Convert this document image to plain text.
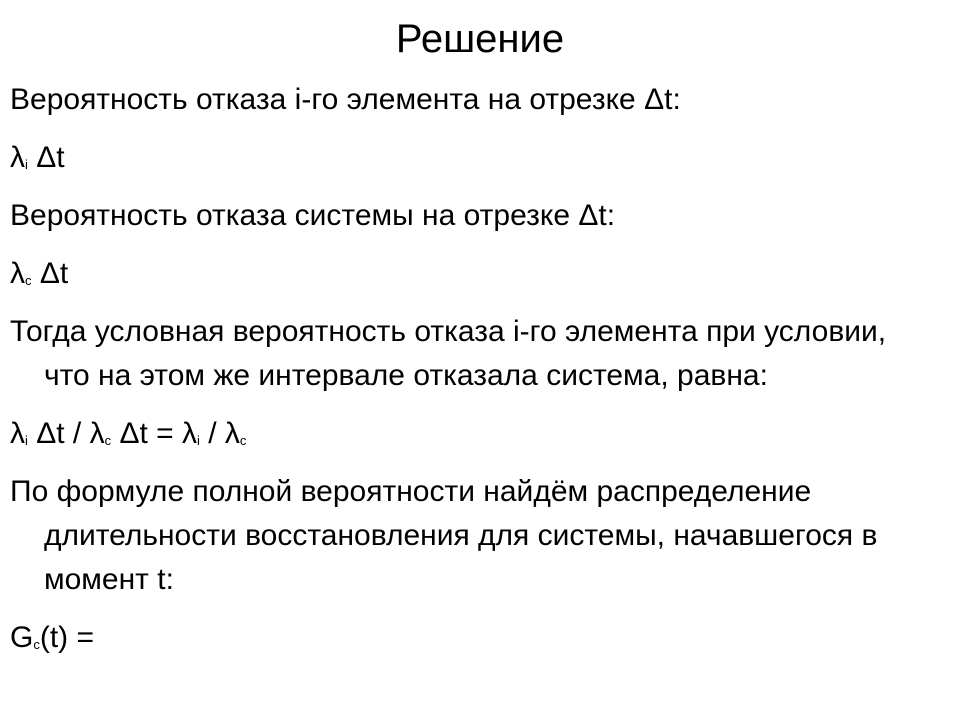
Решение

Вероятность отказа i-го элемента на отрезке Δt:

$\lambda_i$ Δt

Вероятность отказа системы на отрезке Δt:

$\lambda_c$ Δt

Тогда условная вероятность отказа i-го элемента при условии, что на этом же интервале отказала система, равна:

$\lambda_i$ Δt / $\lambda_c$ $\Delta t = \lambda_i / \lambda_c$

По формуле полной вероятности найдём распределение длительности восстановления для системы, начавшегося в момент t:

$G_c(t)$ =
